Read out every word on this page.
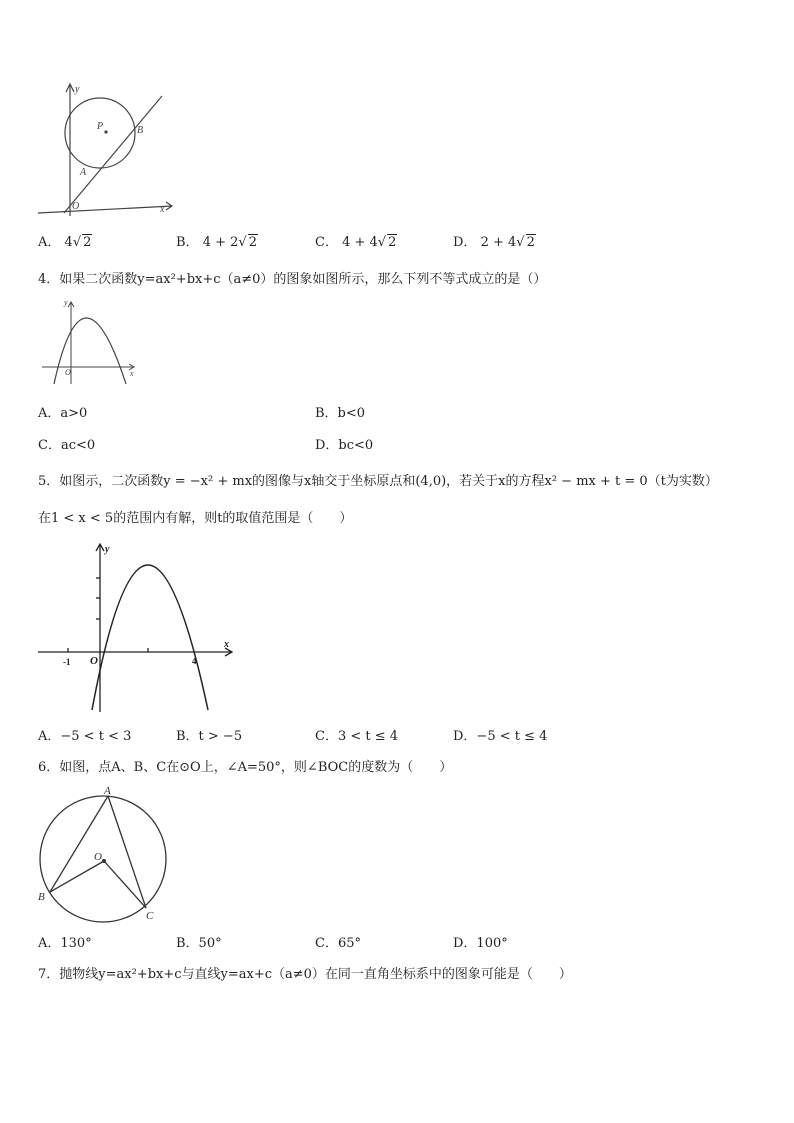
y
x
O
P
A
B
A． 4√ 2	B． 4 + 2√ 2	C． 4 + 4√ 2	D． 2 + 4√ 2
4．如果二次函数y=ax²+bx+c（a≠0）的图象如图所示，那么下列不等式成立的是（）
y
x
O
A．a>0	B．b<0
C．ac<0	D．bc<0
5．如图示，二次函数y = −x² + mx的图像与x轴交于坐标原点和(4,0)，若关于x的方程x² − mx + t = 0（t为实数）
在1 < x < 5的范围内有解，则t的取值范围是（　　）
y
x
O
-1	4
A．−5 < t < 3	B．t > −5	C．3 < t ≤ 4	D．−5 < t ≤ 4
6．如图，点A、B、C在⊙O上，∠A=50°，则∠BOC的度数为（　　）
A
B
C
O
A．130°	B．50°	C．65°	D．100°
7．抛物线y=ax²+bx+c与直线y=ax+c（a≠0）在同一直角坐标系中的图象可能是（　　）
